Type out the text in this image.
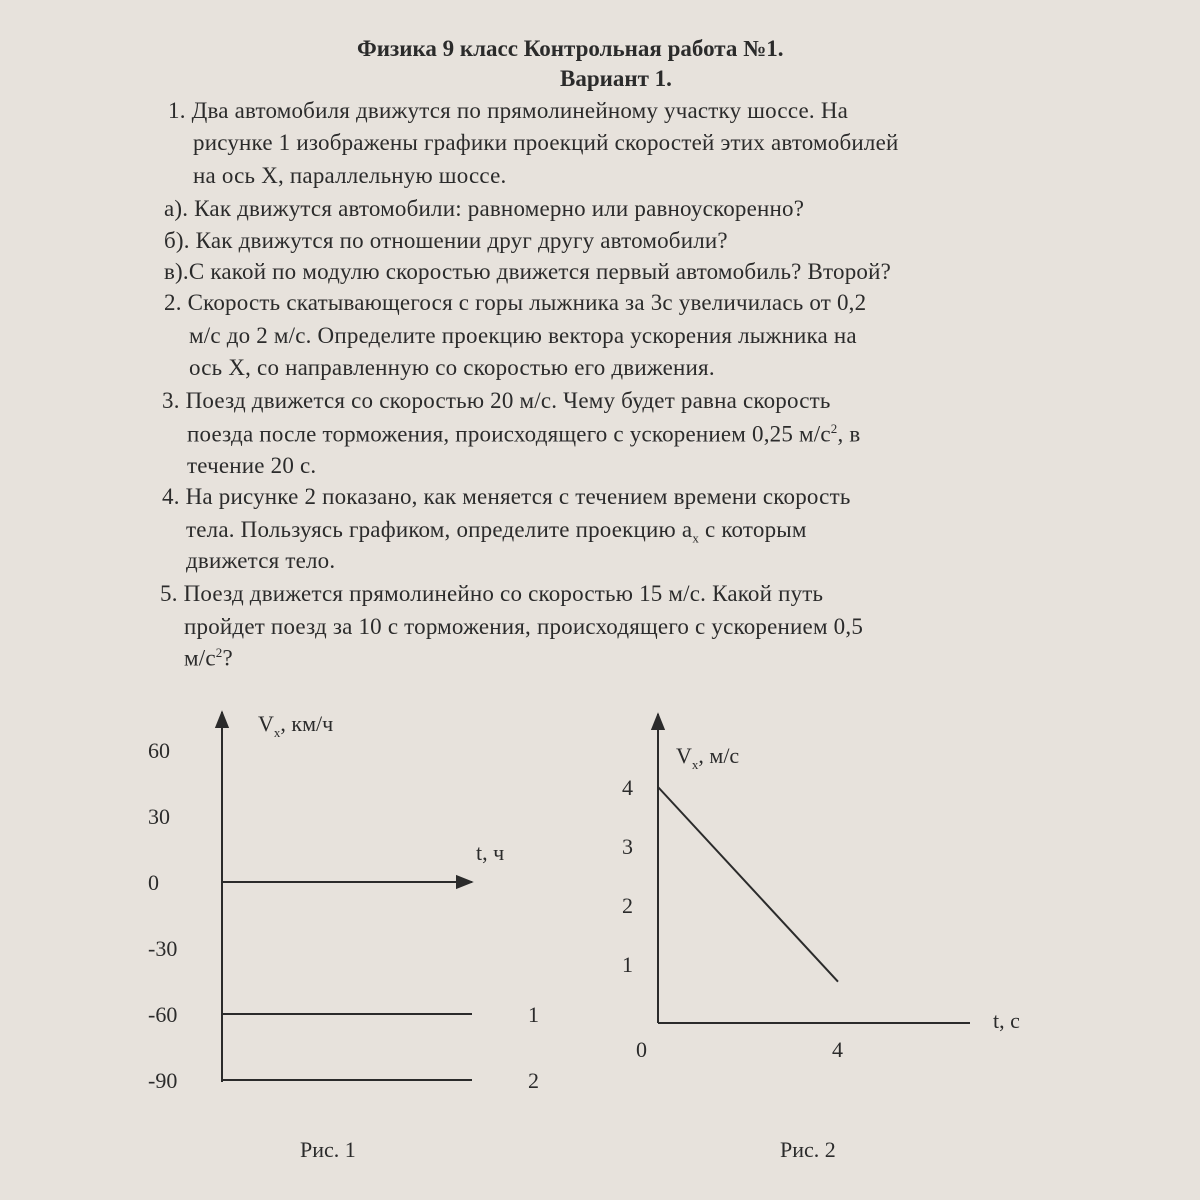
Физика 9 класс Контрольная работа №1.
Вариант 1.
1. Два автомобиля движутся по прямолинейному участку шоссе. На
рисунке 1 изображены графики проекций скоростей этих автомобилей
на ось X, параллельную шоссе.
а). Как движутся автомобили: равномерно или равноускоренно?
б). Как движутся по отношении друг другу автомобили?
в).С какой по модулю скоростью движется первый автомобиль? Второй?
2. Скорость скатывающегося с горы лыжника за 3с увеличилась от 0,2
м/с до 2 м/с. Определите проекцию вектора ускорения лыжника на
ось X, со направленную со скоростью его движения.
3. Поезд движется со скоростью 20 м/с. Чему будет равна скорость
поезда после торможения, происходящего с ускорением 0,25 $м/с^2$, в
течение 20 с.
4. На рисунке 2 показано, как меняется с течением времени скорость
тела. Пользуясь графиком, определите проекцию $a_x$ с которым
движется тело.
5. Поезд движется прямолинейно со скоростью 15 м/с. Какой путь
пройдет поезд за 10 с торможения, происходящего с ускорением 0,5
$м/с^2$?
$V_x$, км/ч
t, ч
60
30
0
-30
-60
-90
1
2
Рис. 1
$V_x$, м/с
t, с
4
3
2
1
0	4
Рис. 2
